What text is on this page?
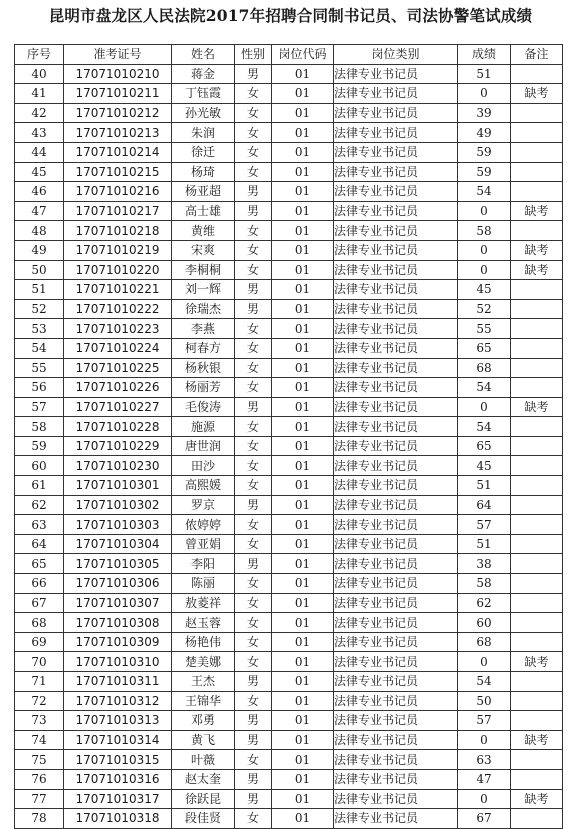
昆明市盘龙区人民法院2017年招聘合同制书记员、司法协警笔试成绩
序号	准考证号	姓名	性别	岗位代码	岗位类别	成绩	备注
40	17071010210	蒋金	男	01	法律专业书记员	51	
41	17071010211	丁钰霞	女	01	法律专业书记员	0	缺考
42	17071010212	孙光敏	女	01	法律专业书记员	39	
43	17071010213	朱润	女	01	法律专业书记员	49	
44	17071010214	徐迁	女	01	法律专业书记员	59	
45	17071010215	杨琦	女	01	法律专业书记员	59	
46	17071010216	杨亚超	男	01	法律专业书记员	54	
47	17071010217	高士雄	男	01	法律专业书记员	0	缺考
48	17071010218	黄维	女	01	法律专业书记员	58	
49	17071010219	宋爽	女	01	法律专业书记员	0	缺考
50	17071010220	李桐桐	女	01	法律专业书记员	0	缺考
51	17071010221	刘一辉	男	01	法律专业书记员	45	
52	17071010222	徐瑞杰	男	01	法律专业书记员	52	
53	17071010223	李燕	女	01	法律专业书记员	55	
54	17071010224	柯春方	女	01	法律专业书记员	65	
55	17071010225	杨秋银	女	01	法律专业书记员	68	
56	17071010226	杨丽芳	女	01	法律专业书记员	54	
57	17071010227	毛俊涛	男	01	法律专业书记员	0	缺考
58	17071010228	施源	女	01	法律专业书记员	54	
59	17071010229	唐世润	女	01	法律专业书记员	65	
60	17071010230	田沙	女	01	法律专业书记员	45	
61	17071010301	高熙媛	女	01	法律专业书记员	51	
62	17071010302	罗京	男	01	法律专业书记员	64	
63	17071010303	侬婷婷	女	01	法律专业书记员	57	
64	17071010304	曾亚娟	女	01	法律专业书记员	51	
65	17071010305	李阳	男	01	法律专业书记员	38	
66	17071010306	陈丽	女	01	法律专业书记员	58	
67	17071010307	敖菱祥	女	01	法律专业书记员	62	
68	17071010308	赵玉蓉	女	01	法律专业书记员	60	
69	17071010309	杨艳伟	女	01	法律专业书记员	68	
70	17071010310	楚美娜	女	01	法律专业书记员	0	缺考
71	17071010311	王杰	男	01	法律专业书记员	54	
72	17071010312	王锦华	女	01	法律专业书记员	50	
73	17071010313	邓勇	男	01	法律专业书记员	57	
74	17071010314	黄飞	男	01	法律专业书记员	0	缺考
75	17071010315	叶薇	女	01	法律专业书记员	63	
76	17071010316	赵太奎	男	01	法律专业书记员	47	
77	17071010317	徐跃昆	男	01	法律专业书记员	0	缺考
78	17071010318	段佳贤	女	01	法律专业书记员	67	
